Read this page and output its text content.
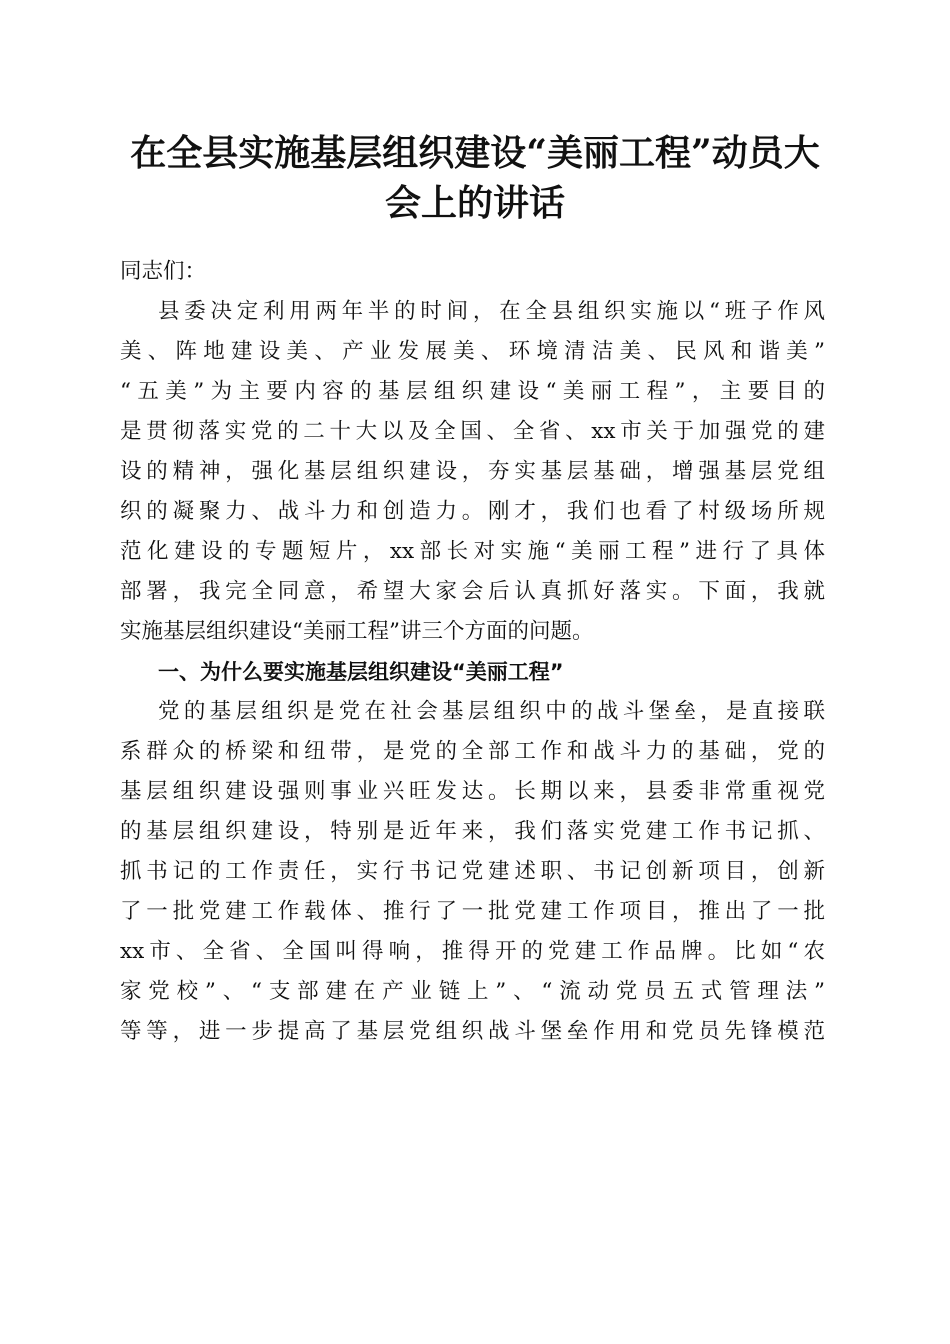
在全县实施基层组织建设“美丽工程”动员大
会上的讲话
同志们：
县委决定利用两年半的时间，在全县组织实施以“班子作风
美、阵地建设美、产业发展美、环境清洁美、民风和谐美”
“五美”为主要内容的基层组织建设“美丽工程”，主要目的
是贯彻落实党的二十大以及全国、全省、xx市关于加强党的建
设的精神，强化基层组织建设，夯实基层基础，增强基层党组
织的凝聚力、战斗力和创造力。刚才，我们也看了村级场所规
范化建设的专题短片，xx部长对实施“美丽工程”进行了具体
部署，我完全同意，希望大家会后认真抓好落实。下面，我就
实施基层组织建设“美丽工程”讲三个方面的问题。
一、为什么要实施基层组织建设“美丽工程”
党的基层组织是党在社会基层组织中的战斗堡垒，是直接联
系群众的桥梁和纽带，是党的全部工作和战斗力的基础，党的
基层组织建设强则事业兴旺发达。长期以来，县委非常重视党
的基层组织建设，特别是近年来，我们落实党建工作书记抓、
抓书记的工作责任，实行书记党建述职、书记创新项目，创新
了一批党建工作载体、推行了一批党建工作项目，推出了一批
xx市、全省、全国叫得响，推得开的党建工作品牌。比如“农
家党校”、“支部建在产业链上”、“流动党员五式管理法”
等等，进一步提高了基层党组织战斗堡垒作用和党员先锋模范
